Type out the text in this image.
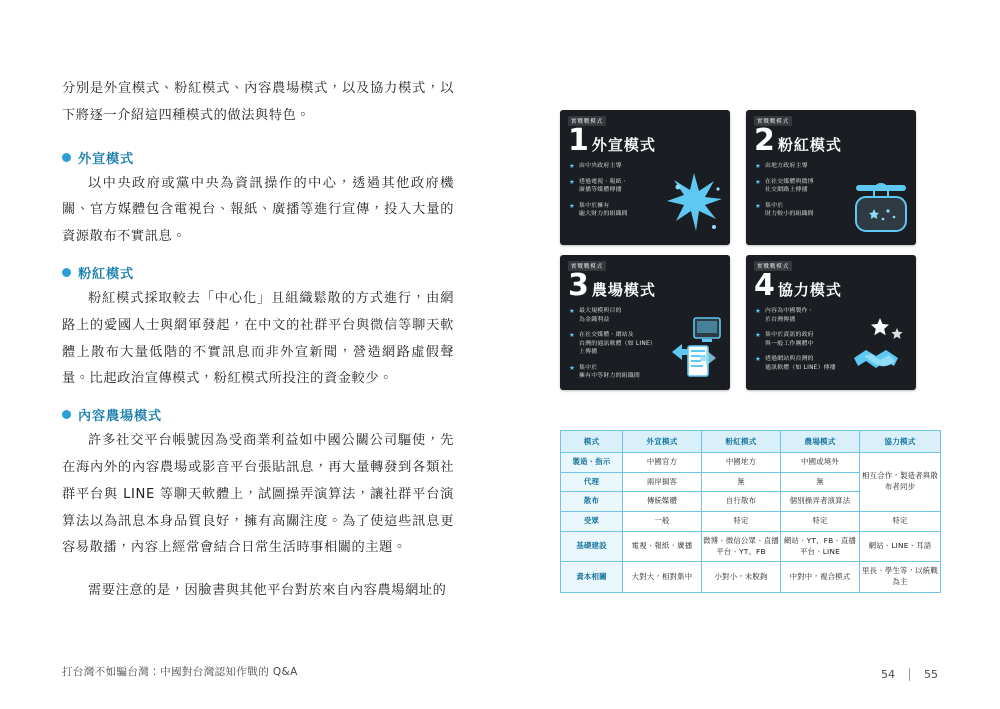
分別是外宣模式、粉紅模式、內容農場模式，以及協力模式，以下將逐一介紹這四種模式的做法與特色。

外宣模式

以中央政府或黨中央為資訊操作的中心，透過其他政府機關、官方媒體包含電視台、報紙、廣播等進行宣傳，投入大量的資源散布不實訊息。

粉紅模式

粉紅模式採取較去「中心化」且組織鬆散的方式進行，由網路上的愛國人士與網軍發起，在中文的社群平台與微信等聊天軟體上散布大量低階的不實訊息而非外宣新聞，營造網路虛假聲量。比起政治宣傳模式，粉紅模式所投注的資金較少。

內容農場模式

許多社交平台帳號因為受商業利益如中國公關公司驅使，先在海內外的內容農場或影音平台張貼訊息，再大量轉發到各類社群平台與 LINE 等聊天軟體上，試圖操弄演算法，讓社群平台演算法以為訊息本身品質良好，擁有高關注度。為了使這些訊息更容易散播，內容上經常會結合日常生活時事相關的主題。

需要注意的是，因臉書與其他平台對於來自內容農場網址的

打台灣不如騙台灣：中國對台灣認知作戰的 Q&A	54	55
實戰戰模式
1 外宣模式
★ 由中央政府主導
★ 透過電視、報紙、
廣播等媒體傳播
★ 集中於擁有
龐大財力的組織間
實戰戰模式
2 粉紅模式
★ 由地方政府主導
★ 在社交媒體與微博
社交網路上傳播
★ 集中於
財力較小的組織間
實戰戰模式
3 農場模式
★ 最大規模與目的
為金錢利益
★ 在社交媒體、網站及
台灣的通訊軟體（如 LINE）
上傳播
★ 集中於
擁有中等財力的組織間
實戰戰模式
4 協力模式
★ 內容為中國製作、
於台灣傳播
★ 集中於資訊的政府
與一般工作團體中
★ 透過網站與台灣的
通訊軟體（如 LINE）傳播
模式	外宣模式	粉紅模式	農場模式	協力模式
製造、指示	中國官方	中國地方	中國或境外	相互合作，製造者與散布者同步
代理	兩岸掮客	無	無	
散布	傳統媒體	自行散布	個別操弄者演算法	
受眾	一般	特定	特定	特定
基礎建設	電視、報紙、廣播	微博、微信公眾、直播平台、YT、FB	網站、YT、FB、直播平台、LINE	網站、LINE、耳語
資本相關	大對大，相對集中	小對小，未脫鉤	中對中，複合模式	里長、學生等，以統戰為主
